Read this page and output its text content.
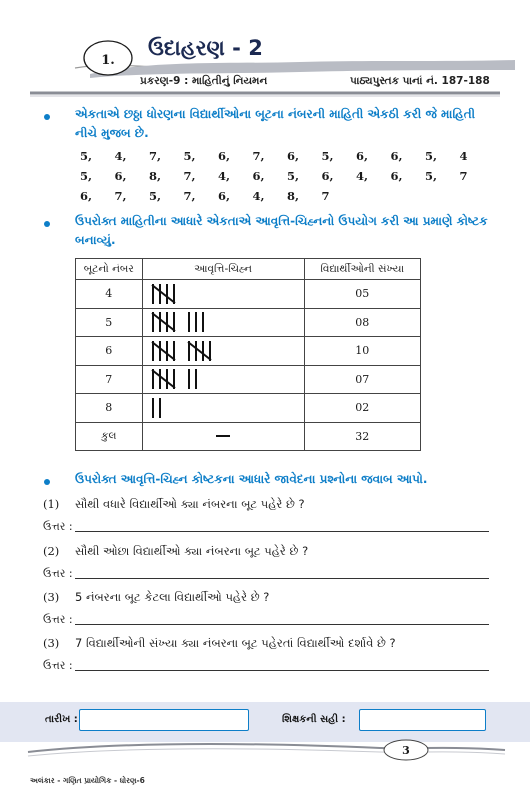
1.
ઉદાહરણ - 2
પ્રકરણ-9 : માહિતીનું નિયમન	પાઠ્યપુસ્તક પાનાં નં. 187-188
એકતાએ છઠ્ઠા ધોરણના વિદ્યાર્થીઓના બૂટના નંબરની માહિતી એકઠી કરી જે માહિતી
નીચે મુજબ છે.
5,	4,	7,	5,	6,	7,	6,	5,	6,	6,	5,	4
5,	6,	8,	7,	4,	6,	5,	6,	4,	6,	5,	7
6,	7,	5,	7,	6,	4,	8,	7
ઉપરોક્ત માહિતીના આધારે એકતાએ આવૃત્તિ-ચિહ્નનો ઉપયોગ કરી આ પ્રમાણે કોષ્ટક
બનાવ્યું.
બૂટનો નંબર	આવૃત્તિ-ચિહ્ન	વિદ્યાર્થીઓની સંખ્યા
4		05
5		08
6		10
7		07
8		02
કુલ		32
ઉપરોક્ત આવૃત્તિ-ચિહ્ન કોષ્ટકના આધારે જાવેદના પ્રશ્નોના જવાબ આપો.
(1) સૌથી વધારે વિદ્યાર્થીઓ ક્યા નંબરના બૂટ પહેરે છે ?
ઉત્તર :
(2) સૌથી ઓછા વિદ્યાર્થીઓ ક્યા નંબરના બૂટ પહેરે છે ?
ઉત્તર :
(3) 5 નંબરના બૂટ કેટલા વિદ્યાર્થીઓ પહેરે છે ?
ઉત્તર :
(3) 7 વિદ્યાર્થીઓની સંખ્યા ક્યા નંબરના બૂટ પહેરતાં વિદ્યાર્થીઓ દર્શાવે છે ?
ઉત્તર :
તારીખ :	શિક્ષકની સહી :
3
અલંકાર - ગણિત પ્રાયોગિક - ધોરણ-6
